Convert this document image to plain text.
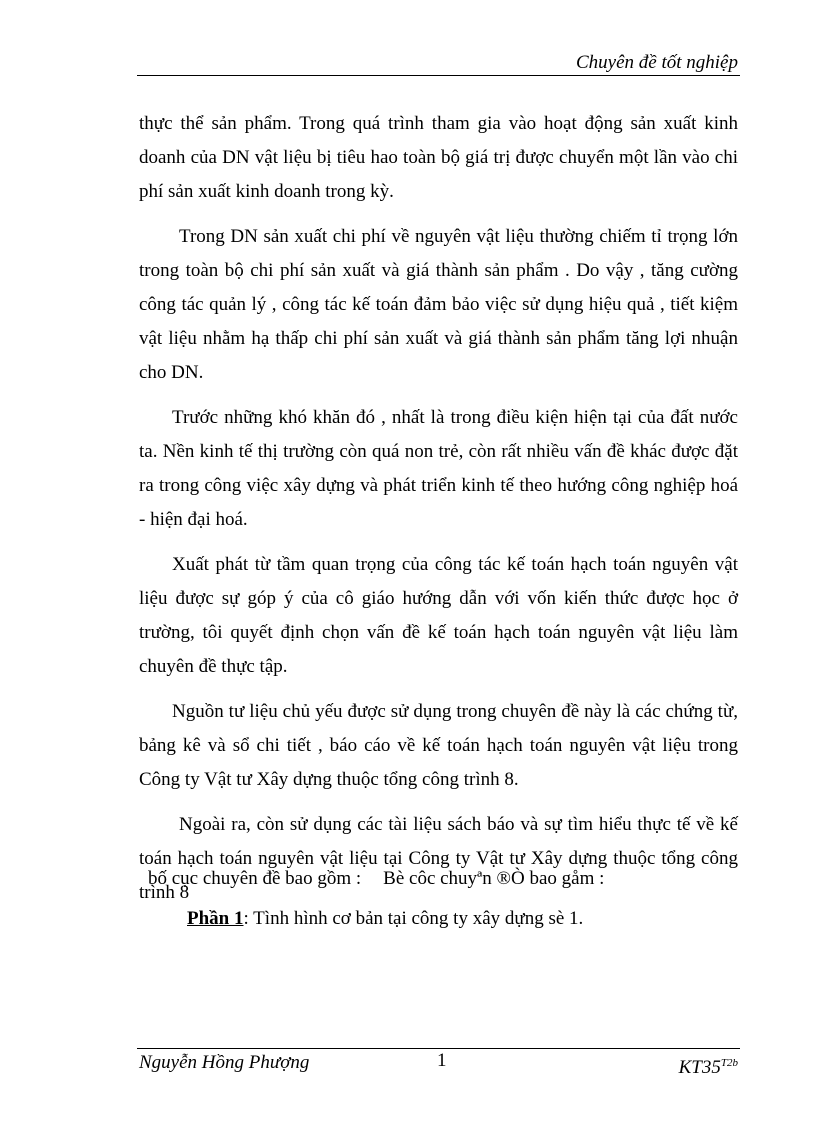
Chuyên đề tốt nghiệp

thực thể sản phẩm. Trong quá trình tham gia vào hoạt động sản xuất kinh doanh của DN vật liệu bị tiêu hao toàn bộ giá trị được chuyển một lần vào chi phí sản xuất kinh doanh trong kỳ.

Trong DN sản xuất chi phí về nguyên vật liệu thường chiếm tỉ trọng lớn trong toàn bộ chi phí sản xuất và giá thành sản phẩm . Do vậy , tăng cường công tác quản lý , công tác kế toán đảm bảo việc sử dụng hiệu quả , tiết kiệm vật liệu nhằm hạ thấp chi phí sản xuất và giá thành sản phẩm tăng lợi nhuận cho DN.

Trước những khó khăn đó , nhất là trong điều kiện hiện tại của đất nước ta. Nền kinh tế thị trường còn quá non trẻ, còn rất nhiều vấn đề khác được đặt ra trong công việc xây dựng và phát triển kinh tế theo hướng công nghiệp hoá - hiện đại hoá.

Xuất phát từ tầm quan trọng của công tác kế toán hạch toán nguyên vật liệu được sự góp ý của cô giáo hướng dẫn với vốn kiến thức được học ở trường, tôi quyết định chọn vấn đề kế toán hạch toán nguyên vật liệu làm chuyên đề thực tập.

Nguồn tư liệu chủ yếu được sử dụng trong chuyên đề này là các chứng từ, bảng kê và sổ chi tiết , báo cáo về kế toán hạch toán nguyên vật liệu trong Công ty Vật tư Xây dựng thuộc tổng công trình 8.

Ngoài ra, còn sử dụng các tài liệu sách báo và sự tìm hiểu thực tế về kế toán hạch toán nguyên vật liệu tại Công ty Vật tư Xây dựng thuộc tổng công trình 8

bố cục chuyên đề bao gồm : Bè côc chuyªn ®Ò bao gåm :
Phần 1: Tình hình cơ bản tại công ty xây dựng sè 1.
Nguyễn Hồng Phượng	1	$KT35^{T2b}$
